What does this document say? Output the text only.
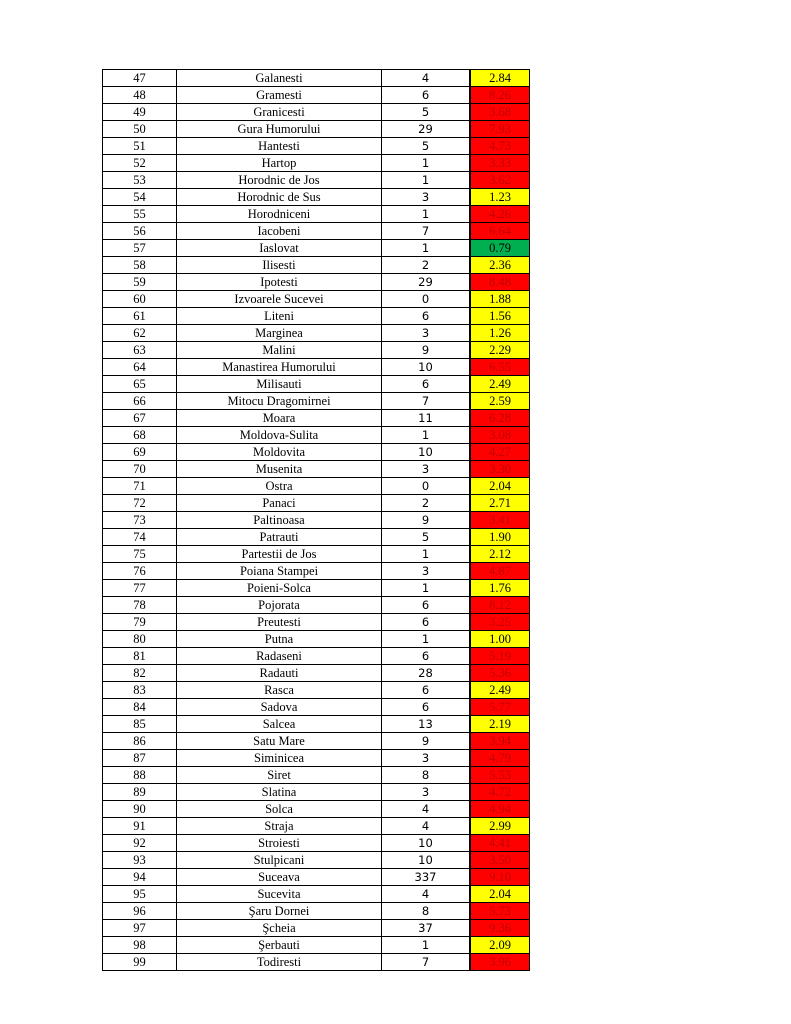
47	Galanesti	4		2.84
48	Gramesti	6		8.26
49	Granicesti	5		3.68
50	Gura Humorului	29		7.93
51	Hantesti	5		4.73
52	Hartop	1		3.33
53	Horodnic de Jos	1		3.62
54	Horodnic de Sus	3		1.23
55	Horodniceni	1		4.26
56	Iacobeni	7		6.64
57	Iaslovat	1		0.79
58	Ilisesti	2		2.36
59	Ipotesti	29		8.48
60	Izvoarele Sucevei	0		1.88
61	Liteni	6		1.56
62	Marginea	3		1.26
63	Malini	9		2.29
64	Manastirea Humorului	10		6.55
65	Milisauti	6		2.49
66	Mitocu Dragomirnei	7		2.59
67	Moara	11		6.28
68	Moldova-Sulita	1		3.08
69	Moldovita	10		4.27
70	Musenita	3		3.30
71	Ostra	0		2.04
72	Panaci	2		2.71
73	Paltinoasa	9		3.41
74	Patrauti	5		1.90
75	Partestii de Jos	1		2.12
76	Poiana Stampei	3		4.87
77	Poieni-Solca	1		1.76
78	Pojorata	6		8.12
79	Preutesti	6		3.25
80	Putna	1		1.00
81	Radaseni	6		5.19
82	Radauti	28		5.36
83	Rasca	6		2.49
84	Sadova	6		5.77
85	Salcea	13		2.19
86	Satu Mare	9		3.94
87	Siminicea	3		4.79
88	Siret	8		5.53
89	Slatina	3		4.72
90	Solca	4		4.94
91	Straja	4		2.99
92	Stroiesti	10		4.41
93	Stulpicani	10		3.50
94	Suceava	337		9.10
95	Sucevita	4		2.04
96	Şaru Dornei	8		5.73
97	Şcheia	37		9.36
98	Şerbauti	1		2.09
99	Todiresti	7		3.96
